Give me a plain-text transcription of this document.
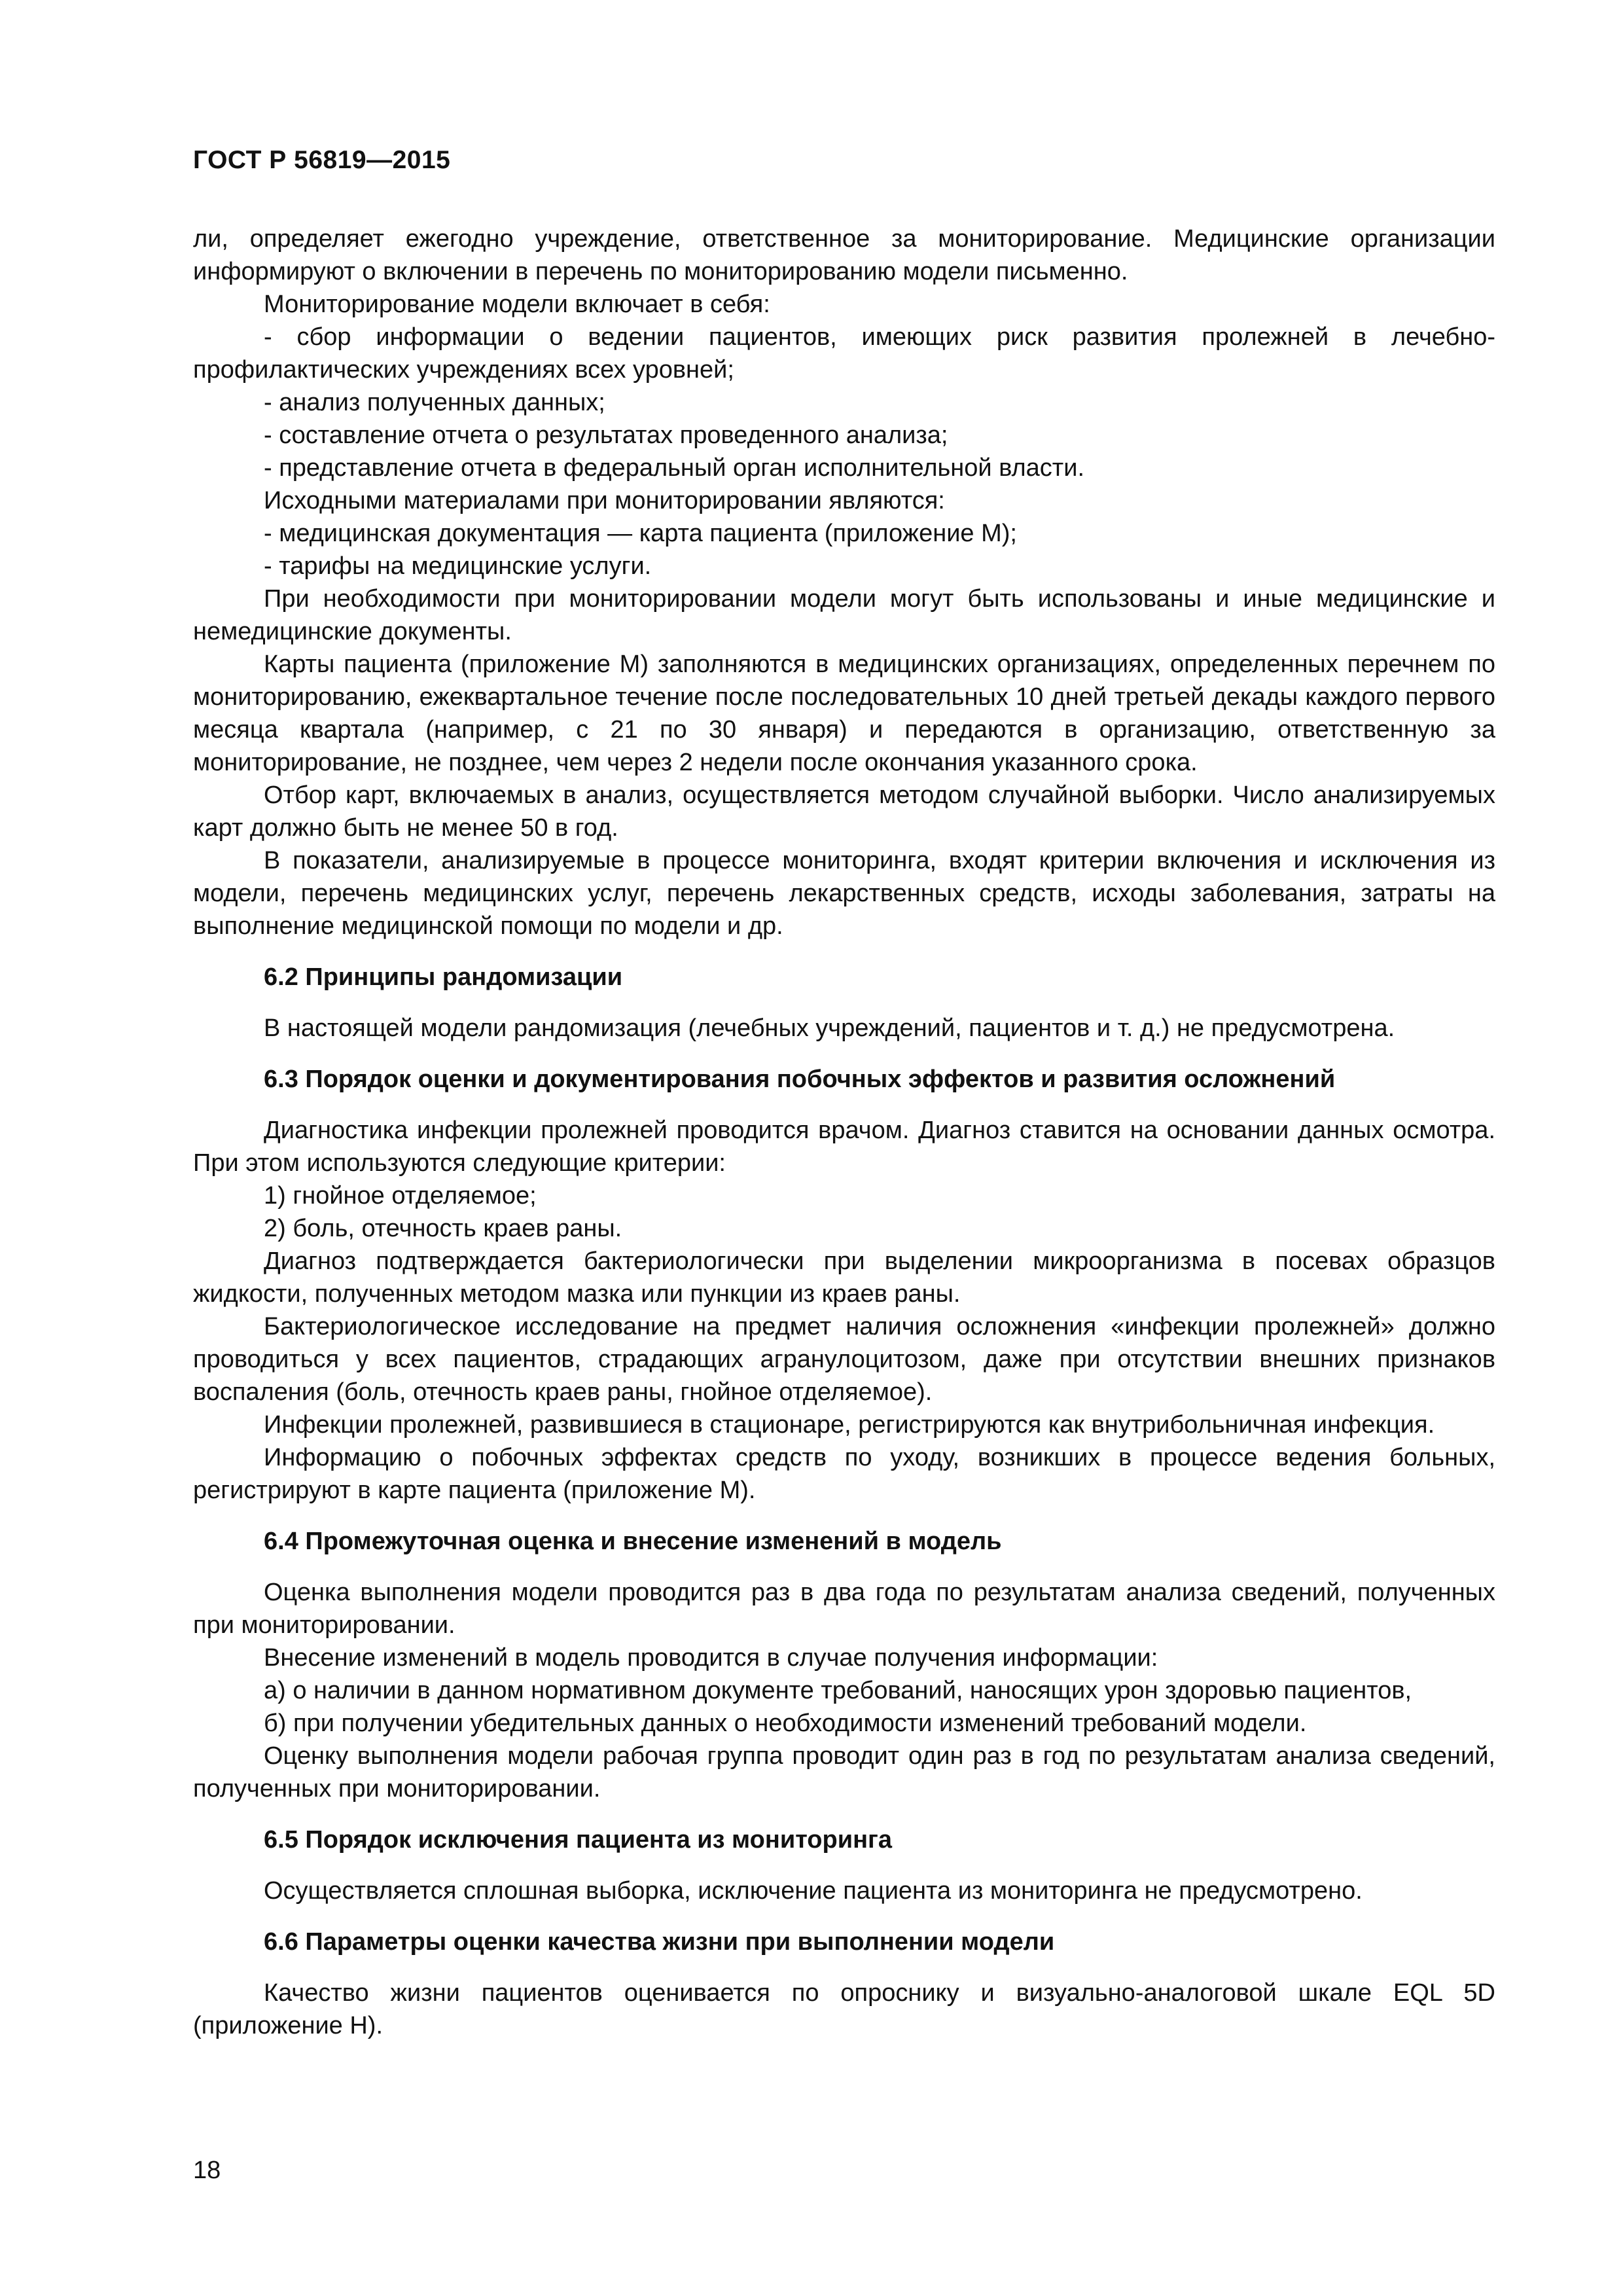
ГОСТ Р 56819—2015

ли, определяет ежегодно учреждение, ответственное за мониторирование. Медицинские организации информируют о включении в перечень по мониторированию модели письменно.

Мониторирование модели включает в себя:

- сбор информации о ведении пациентов, имеющих риск развития пролежней в лечебно-профилактических учреждениях всех уровней;

- анализ полученных данных;

- составление отчета о результатах проведенного анализа;

- представление отчета в федеральный орган исполнительной власти.

Исходными материалами при мониторировании являются:

- медицинская документация — карта пациента (приложение М);

- тарифы на медицинские услуги.

При необходимости при мониторировании модели могут быть использованы и иные медицинские и немедицинские документы.

Карты пациента (приложение М) заполняются в медицинских организациях, определенных перечнем по мониторированию, ежеквартальное течение после последовательных 10 дней третьей декады каждого первого месяца квартала (например, с 21 по 30 января) и передаются в организацию, ответственную за мониторирование, не позднее, чем через 2 недели после окончания указанного срока.

Отбор карт, включаемых в анализ, осуществляется методом случайной выборки. Число анализируемых карт должно быть не менее 50 в год.

В показатели, анализируемые в процессе мониторинга, входят критерии включения и исключения из модели, перечень медицинских услуг, перечень лекарственных средств, исходы заболевания, затраты на выполнение медицинской помощи по модели и др.

6.2 Принципы рандомизации

В настоящей модели рандомизация (лечебных учреждений, пациентов и т. д.) не предусмотрена.

6.3 Порядок оценки и документирования побочных эффектов и развития осложнений

Диагностика инфекции пролежней проводится врачом. Диагноз ставится на основании данных осмотра. При этом используются следующие критерии:

1) гнойное отделяемое;

2) боль, отечность краев раны.

Диагноз подтверждается бактериологически при выделении микроорганизма в посевах образцов жидкости, полученных методом мазка или пункции из краев раны.

Бактериологическое исследование на предмет наличия осложнения «инфекции пролежней» должно проводиться у всех пациентов, страдающих агранулоцитозом, даже при отсутствии внешних признаков воспаления (боль, отечность краев раны, гнойное отделяемое).

Инфекции пролежней, развившиеся в стационаре, регистрируются как внутрибольничная инфекция.

Информацию о побочных эффектах средств по уходу, возникших в процессе ведения больных, регистрируют в карте пациента (приложение М).

6.4 Промежуточная оценка и внесение изменений в модель

Оценка выполнения модели проводится раз в два года по результатам анализа сведений, полученных при мониторировании.

Внесение изменений в модель проводится в случае получения информации:

а) о наличии в данном нормативном документе требований, наносящих урон здоровью пациентов,

б) при получении убедительных данных о необходимости изменений требований модели.

Оценку выполнения модели рабочая группа проводит один раз в год по результатам анализа сведений, полученных при мониторировании.

6.5 Порядок исключения пациента из мониторинга

Осуществляется сплошная выборка, исключение пациента из мониторинга не предусмотрено.

6.6 Параметры оценки качества жизни при выполнении модели

Качество жизни пациентов оценивается по опроснику и визуально-аналоговой шкале EQL 5D (приложение Н).

18
